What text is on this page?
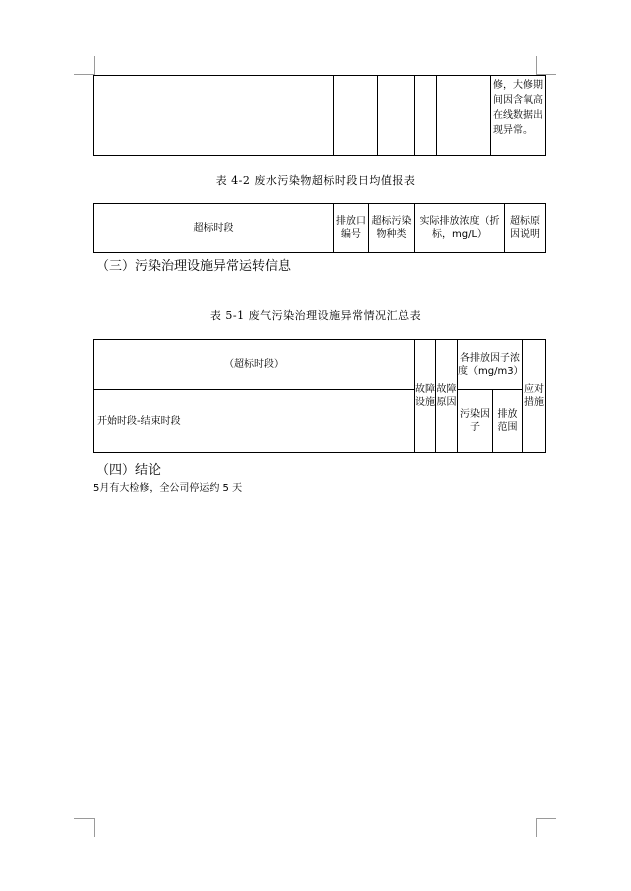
					修，大修期间因含氧高在线数据出现异常。
表 4-2 废水污染物超标时段日均值报表
超标时段	排放口编号	超标污染物种类	实际排放浓度（折标，mg/L）	超标原因说明
（三）污染治理设施异常运转信息
表 5-1 废气污染治理设施异常情况汇总表
（超标时段）	故障设施	故障原因	各排放因子浓度（mg/m3）		应对措施
开始时段-结束时段			污染因子	排放范围	
（四）结论
5月有大检修，全公司停运约 5 天
